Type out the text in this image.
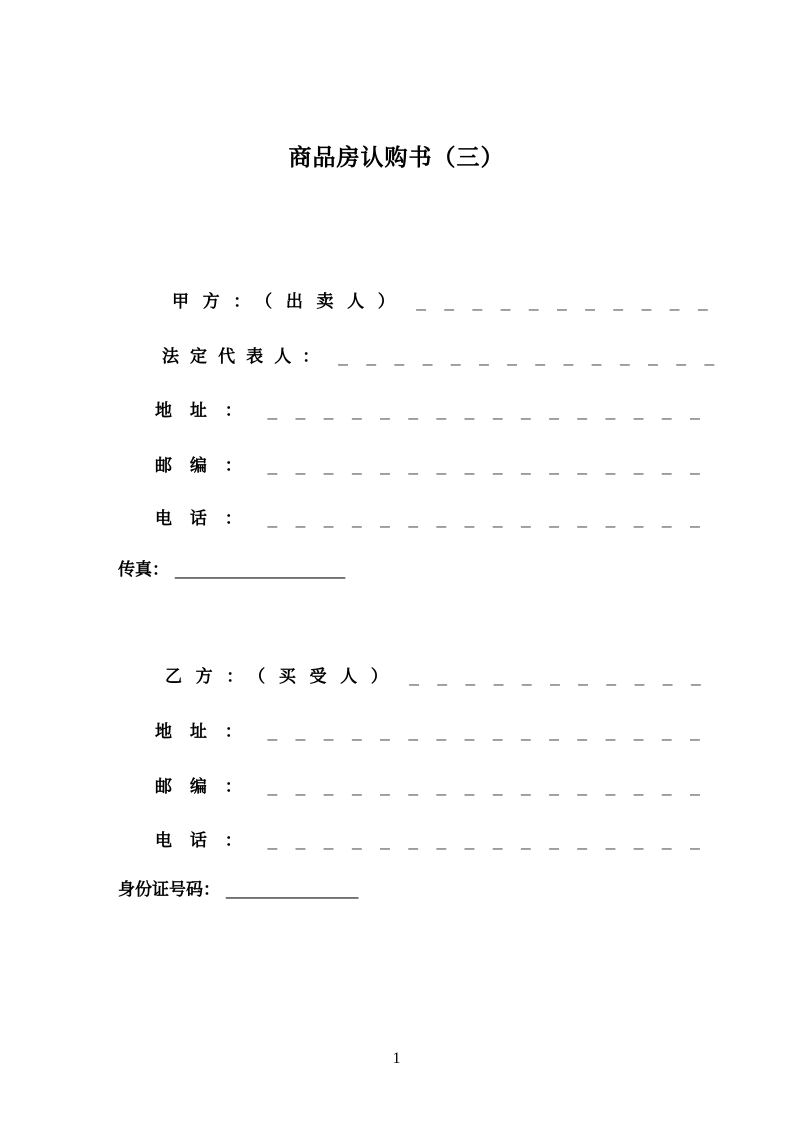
商品房认购书（三）
甲方：（出卖人） _ _ _ _ _ _ _ _ _ _ _
法定代表人： _ _ _ _ _ _ _ _ _ _ _ _ _ _
地址： _ _ _ _ _ _ _ _ _ _ _ _ _ _ _ _
邮编： _ _ _ _ _ _ _ _ _ _ _ _ _ _ _ _
电话： _ _ _ _ _ _ _ _ _ _ _ _ _ _ _ _
传真： __________________
乙方：（买受人） _ _ _ _ _ _ _ _ _ _ _
地址： _ _ _ _ _ _ _ _ _ _ _ _ _ _ _ _
邮编： _ _ _ _ _ _ _ _ _ _ _ _ _ _ _ _
电话： _ _ _ _ _ _ _ _ _ _ _ _ _ _ _ _
身份证号码： ______________
1
